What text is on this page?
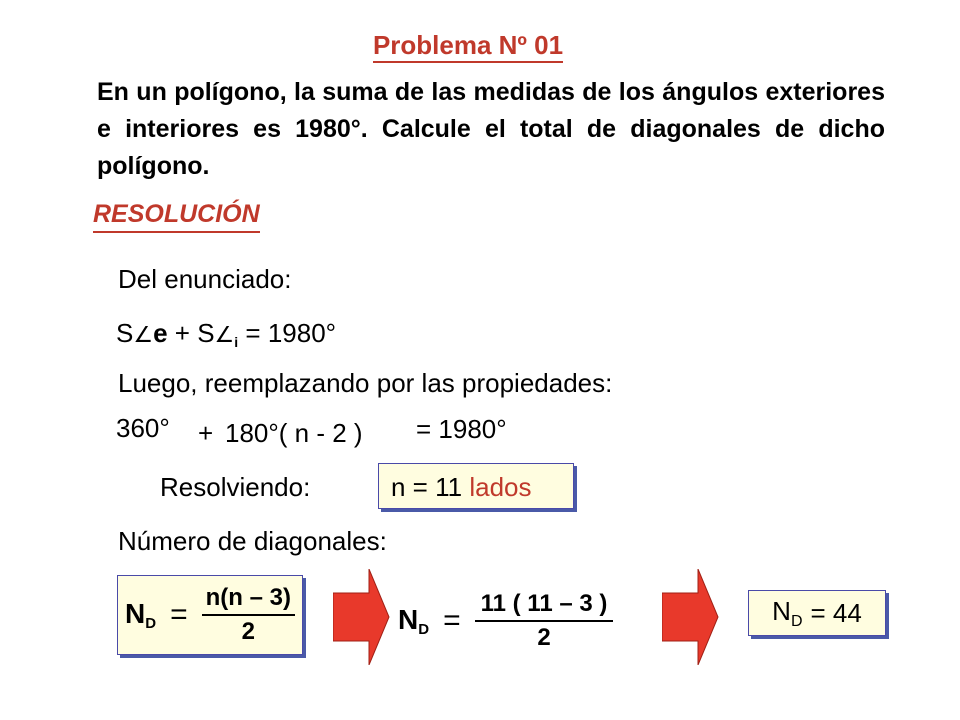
Problema Nº 01
En un polígono, la suma de las medidas de los ángulos exteriores e interiores es 1980°. Calcule el total de diagonales de dicho polígono.
RESOLUCIÓN
Del enunciado:
S∠e + $S\angle_i = 1980^\circ$
Luego, reemplazando por las propiedades:
360° + 180°( n - 2 ) = 1980°
Resolviendo:	n = 11 lados
Número de diagonales:
$N_D = \frac{n(n - 3)}{2}$	$N_D = \frac{11 ( 11 - 3 )}{2}$	$N_D = 44$
